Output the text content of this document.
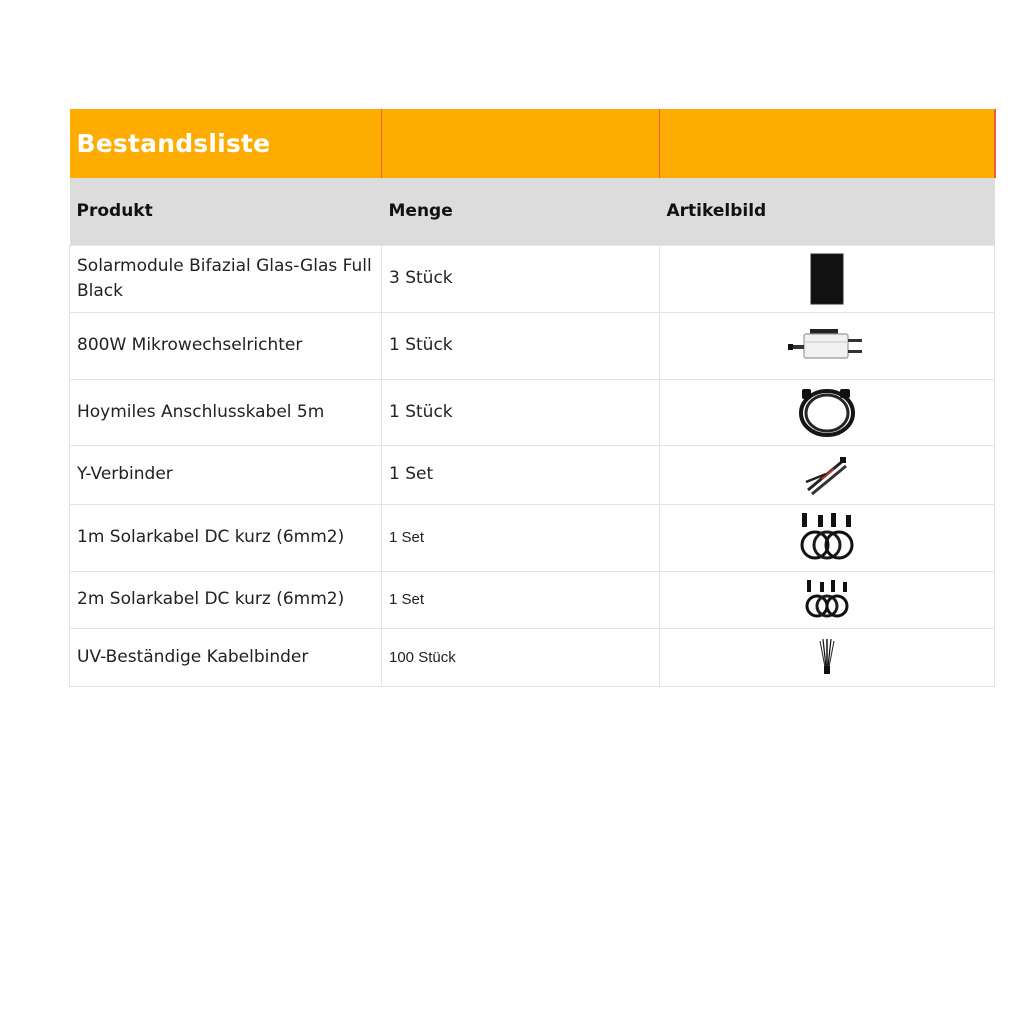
Bestandsliste		
Produkt	Menge	Artikelbild
Solarmodule Bifazial Glas-Glas Full Black	3 Stück	
800W Mikrowechselrichter	1 Stück	
Hoymiles Anschlusskabel 5m	1 Stück	
Y-Verbinder	1 Set	
1m Solarkabel DC kurz (6mm2)	1 Set	
2m Solarkabel DC kurz (6mm2)	1 Set	
UV-Beständige Kabelbinder	100 Stück	
